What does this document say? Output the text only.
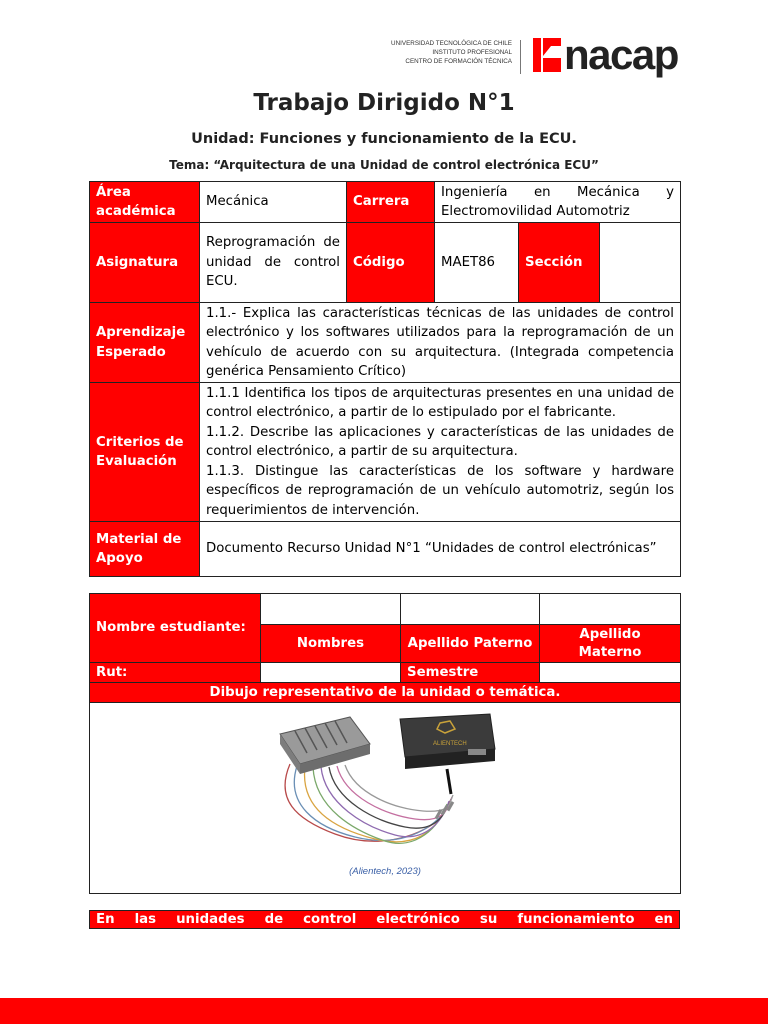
UNIVERSIDAD TECNOLÓGICA DE CHILE
INSTITUTO PROFESIONAL
CENTRO DE FORMACIÓN TÉCNICA nacap
Trabajo Dirigido N°1
Unidad: Funciones y funcionamiento de la ECU.
Tema: “Arquitectura de una Unidad de control electrónica ECU”
Área académica	Mecánica	Carrera	Ingeniería en Mecánica y Electromovilidad Automotriz		
Asignatura	Reprogramación de unidad de control ECU.	Código	MAET86	Sección	
Aprendizaje Esperado	1.1.- Explica las características técnicas de las unidades de control electrónico y los softwares utilizados para la reprogramación de un vehículo de acuerdo con su arquitectura. (Integrada competencia genérica Pensamiento Crítico)				
Criterios de Evaluación	1.1.1 Identifica los tipos de arquitecturas presentes en una unidad de control electrónico, a partir de lo estipulado por el fabricante.
1.1.2. Describe las aplicaciones y características de las unidades de control electrónico, a partir de su arquitectura.
1.1.3. Distingue las características de los software y hardware específicos de reprogramación de un vehículo automotriz, según los requerimientos de intervención.				

Material de Apoyo	Documento Recurso Unidad N°1 “Unidades de control electrónicas”				
Nombre estudiante:			
	Nombres	Apellido Paterno	Apellido Materno
Rut:		Semestre	
Dibujo representativo de la unidad o temática.			

ALIENTECH
(Alientech, 2023)			
En las unidades de control electrónico su funcionamiento en
